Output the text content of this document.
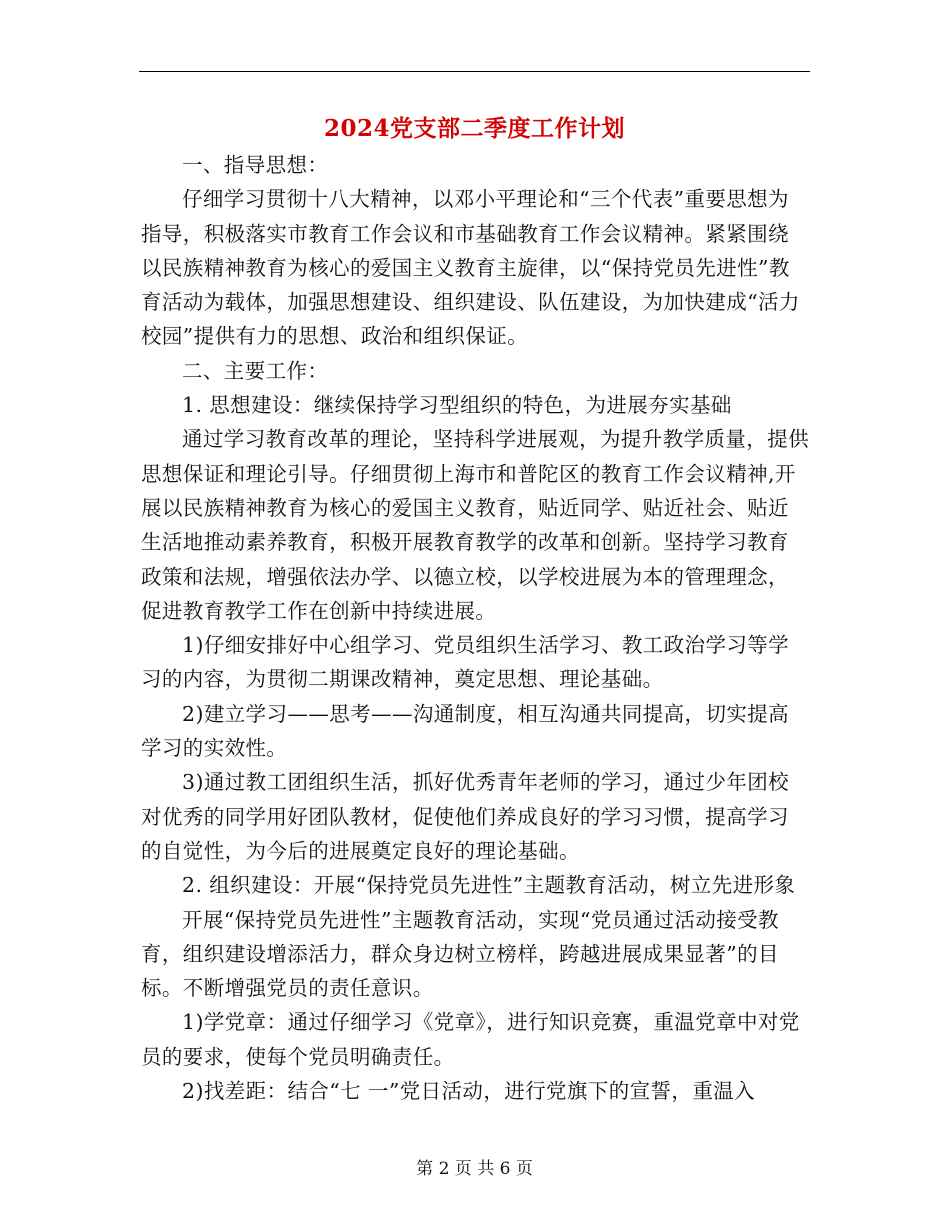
2024党支部二季度工作计划

一、指导思想：

仔细学习贯彻十八大精神，以邓小平理论和“三个代表”重要思想为指导，积极落实市教育工作会议和市基础教育工作会议精神。紧紧围绕以民族精神教育为核心的爱国主义教育主旋律，以“保持党员先进性”教育活动为载体，加强思想建设、组织建设、队伍建设，为加快建成“活力校园”提供有力的思想、政治和组织保证。

二、主要工作：

1. 思想建设：继续保持学习型组织的特色，为进展夯实基础

通过学习教育改革的理论，坚持科学进展观，为提升教学质量，提供思想保证和理论引导。仔细贯彻上海市和普陀区的教育工作会议精神,开展以民族精神教育为核心的爱国主义教育，贴近同学、贴近社会、贴近生活地推动素养教育，积极开展教育教学的改革和创新。坚持学习教育政策和法规，增强依法办学、以德立校，以学校进展为本的管理理念，促进教育教学工作在创新中持续进展。

1)仔细安排好中心组学习、党员组织生活学习、教工政治学习等学习的内容，为贯彻二期课改精神，奠定思想、理论基础。

2)建立学习——思考——沟通制度，相互沟通共同提高，切实提高学习的实效性。

3)通过教工团组织生活，抓好优秀青年老师的学习，通过少年团校对优秀的同学用好团队教材，促使他们养成良好的学习习惯，提高学习的自觉性，为今后的进展奠定良好的理论基础。

2. 组织建设：开展“保持党员先进性”主题教育活动，树立先进形象

开展“保持党员先进性”主题教育活动，实现“党员通过活动接受教育，组织建设增添活力，群众身边树立榜样，跨越进展成果显著”的目标。不断增强党员的责任意识。

1)学党章：通过仔细学习《党章》，进行知识竞赛，重温党章中对党员的要求，使每个党员明确责任。

2)找差距：结合“七 一”党日活动，进行党旗下的宣誓，重温入

第 2 页 共 6 页
